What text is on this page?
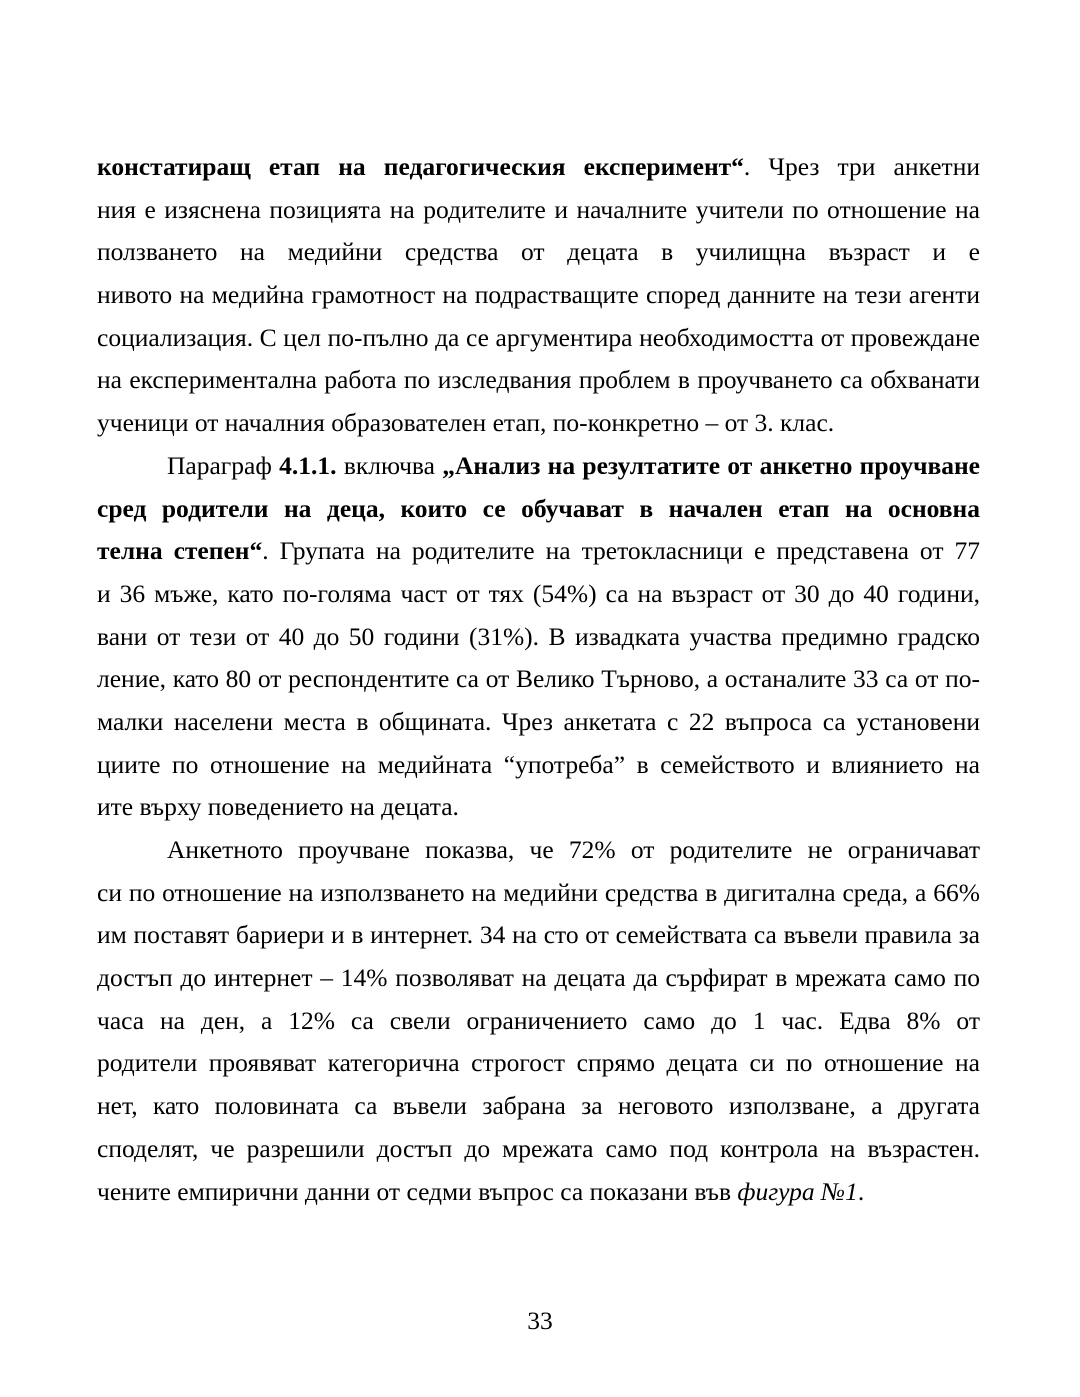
констатиращ етап на педагогическия експеримент“. Чрез три анкетни
ния е изяснена позицията на родителите и началните учители по отношение на
ползването на медийни средства от децата в училищна възраст и е
нивото на медийна грамотност на подрастващите според данните на тези агенти
социализация. С цел по-пълно да се аргументира необходимостта от провеждане
на експериментална работа по изследвания проблем в проучването са обхванати
ученици от началния образователен етап, по-конкретно – от 3. клас.
Параграф 4.1.1. включва „Анализ на резултатите от анкетно проучване
сред родители на деца, които се обучават в начален етап на основна
телна степен“. Групата на родителите на третокласници е представена от 77
и 36 мъже, като по-голяма част от тях (54%) са на възраст от 30 до 40 години,
вани от тези от 40 до 50 години (31%). В извадката участва предимно градско
ление, като 80 от респондентите са от Велико Търново, а останалите 33 са от по-
малки населени места в общината. Чрез анкетата с 22 въпроса са установени
циите по отношение на медийната “употреба” в семейството и влиянието на
ите върху поведението на децата.
Анкетното проучване показва, че 72% от родителите не ограничават
си по отношение на използването на медийни средства в дигитална среда, а 66%
им поставят бариери и в интернет. 34 на сто от семействата са въвели правила за
достъп до интернет – 14% позволяват на децата да сърфират в мрежата само по
часа на ден, а 12% са свели ограничението само до 1 час. Едва 8% от
родители проявяват категорична строгост спрямо децата си по отношение на
нет, като половината са въвели забрана за неговото използване, а другата
споделят, че разрешили достъп до мрежата само под контрола на възрастен.
чените емпирични данни от седми въпрос са показани във фигура №1.
33
